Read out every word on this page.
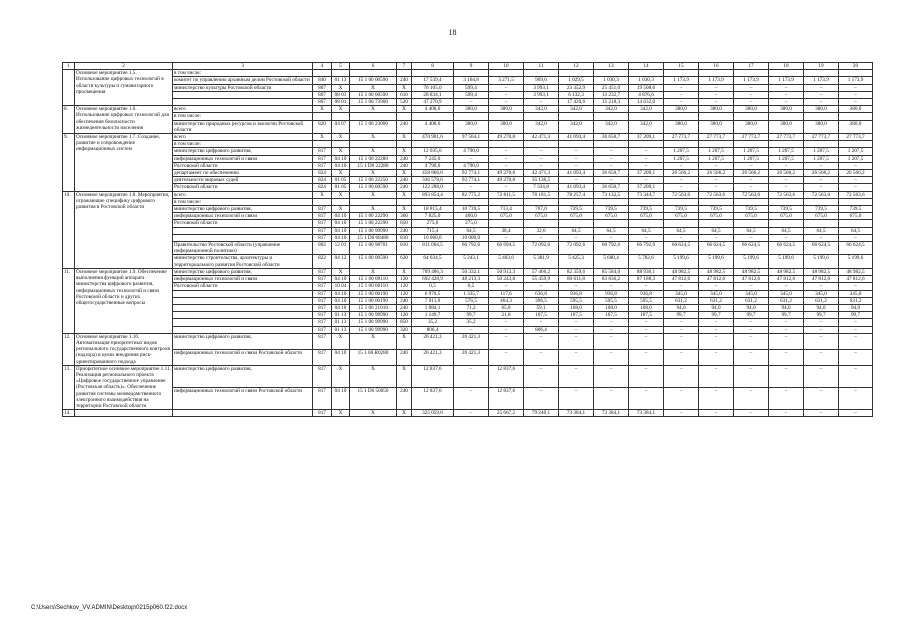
18
1	2	3	4	5	6	7	8	9	10	11	12	13	14	15	16	17	18	19	20
	Основное мероприятие 1.5. Использование цифровых технологий в области культуры и гуманитарного просвещения	в том числе:																	
		комитет по управлению архивным делом Ростовской области	840	01 13	15 1 00 00590	240	17 539,4	3 164,8	3 271,5	969,6	1 029,5	1 030,3	1 030,3	1 173,9	1 173,9	1 173,9	1 173,9	1 173,9	1 173,9
		министерство культуры Ростовской области	807	X	X	X	76 105,0	599,4	–	3 993,1	23 352,9	25 451,0	19 508,6	–	–	–	–	–	–
			807	08 01	15 1 00 00590	610	28 834,1	599,4	–	3 993,1	6 132,3	13 232,7	4 876,6	–	–	–	–	–	–
			807	08 01	15 1 00 73900	520	47 270,9	–	–	–	17 420,6	15 218,3	14 632,0	–	–	–	–	–	–
8.	Основное мероприятие 1.6. Использование цифровых технологий для обеспечения безопасности жизнедеятельности населения	всего	X	X	X	X	4 408,0	380,0	380,0	342,0	342,0	342,0	342,0	380,0	380,0	380,0	380,0	380,0	380,0
		в том числе:																	
		министерство природных ресурсов и экологии Ростовской области	820	04 07	15 1 00 23000	240	4 408,0	380,0	380,0	342,0	342,0	342,0	342,0	380,0	380,0	380,0	380,0	380,0	380,0
9.	Основное мероприятие 1.7. Создание, развитие и сопровождение информационных систем	всего	X	X	X	X	470 901,6	97 564,1	49 270,8	42 471,3	41 093,4	36 650,7	37 209,1	27 773,7	27 773,7	27 773,7	27 773,7	27 773,7	27 773,7
		в том числе:																	
		министерство цифрового развития,	817	X	X	X	12 035,0	4 790,0	–	–	–	–	–	1 207,5	1 207,5	1 207,5	1 207,5	1 207,5	1 207,5
		информационных технологий и связи	817	04 10	15 1 00 22280	240	7 245,0	–	–	–	–	–	–	1 207,5	1 207,5	1 207,5	1 207,5	1 207,5	1 207,5
		Ростовской области	817	04 10	15 1 D6 22280	240	4 790,0	4 790,0	–	–	–	–	–	–	–	–	–	–	–
		департамент по обеспечению	824	X	X	X	458 866,6	92 774,1	49 270,8	42 471,3	41 093,4	36 650,7	37 209,1	26 566,2	26 566,2	26 566,2	26 566,2	26 566,2	26 566,2
		деятельности мировых судей	824	01 05	15 1 00 22250	240	336 578,6	92 774,1	49 270,8	35 136,5	–	–	–	–	–	–	–	–	–
		Ростовской области	824	01 05	15 1 00 00590	240	122 288,0	–	–	7 334,8	41 093,4	36 650,7	37 209,1	–	–	–	–	–	–
10.	Основное мероприятие 1.8. Мероприятия, отражающие специфику цифрового развития в Ростовской области	всего	X	X	X	X	893 854,4	82 775,2	72 811,5	78 181,5	78 257,4	73 132,5	73 344,7	72 563,6	72 563,6	72 563,6	72 563,6	72 563,6	72 563,6
		в том числе:																	
		министерство цифрового развития,	817	X	X	X	18 815,4	10 739,5	713,4	707,0	739,5	739,5	739,5	739,5	739,5	739,5	739,5	739,5	739,5
		информационных технологий и связи	817	04 10	15 1 00 22290	360	7 825,0	400,0	675,0	675,0	675,0	675,0	675,0	675,0	675,0	675,0	675,0	675,0	675,0
		Ростовской области	817	04 10	15 1 00 22290	850	275,0	275,0											
			817	04 10	15 1 00 99990	240	715,4	64,5	38,4	32,0	64,5	64,5	64,5	64,5	64,5	64,5	64,5	64,5	64,5
			817	04 10	15 1 D6 68480	810	10 000,0	10 000,0	–	–	–	–	–	–	–	–	–	–	–
		Правительство Ростовской области (управление информационной политики)	802	12 01	15 1 00 98701	810	811 004,5	66 792,6	66 694,5	72 092,6	72 092,6	66 792,6	66 792,6	66 624,5	66 624,5	66 624,5	66 624,5	66 624,5	66 624,5
		министерство строительства, архитектуры и территориального развития Ростовской области	822	04 12	15 1 00 00590	620	64 034,5	5 243,1	5 403,6	5 381,9	5 425,3	5 600,4	5 782,6	5 199,6	5 199,6	5 199,6	5 199,6	5 199,6	5 199,6
11.	Основное мероприятие 1.9. Обеспечение выполнения функций аппарата министерства цифрового развития, информационных технологий и связи Ростовской области и других общегосударственные вопросы	министерство цифрового развития,	817	X	X	X	709 486,3	50 332,1	50 913,3	57 466,2	82 359,6	85 584,0	88 936,1	48 982,5	48 982,5	48 982,5	48 982,5	48 982,5	48 982,5
		информационных технологий и связи	817	04 10	15 1 00 00110	120	692 428,9	48 213,3	50 243,8	55 459,9	80 611,8	83 836,2	87 188,3	47 812,6	47 812,6	47 812,6	47 812,6	47 812,6	47 812,6
		Ростовской области	817	10 04	15 1 00 00110	120	0,5	0,5	–	–	–	–	–	–	–	–	–	–	–
			817	04 10	15 1 00 00190	120	6 970,5	1 335,7	117,6	636,8	936,8	936,8	936,8	345,0	345,0	345,0	345,0	345,0	345,0
			817	04 10	15 1 00 00190	240	7 011,0	576,5	464,3	396,5	595,5	595,5	595,5	631,2	631,2	631,2	631,2	631,2	631,2
			817	04 10	15 1 00 21010	240	1 084,1	71,2	65,8	59,1	108,0	108,0	108,0	94,0	94,0	94,0	94,0	94,0	94,0
			817	01 13	15 1 00 99990	120	1 149,7	99,7	21,8	107,5	107,5	107,5	107,5	99,7	99,7	99,7	99,7	99,7	99,7
			817	01 13	15 1 00 99990	850	35,2	35,2	–	–	–	–	–	–	–	–	–	–	–
			817	01 13	15 1 00 99990	320	806,4	–	–	806,4	–	–	–	–	–	–	–	–	–
12.	Основное мероприятие 1.10. Автоматизация приоритетных видов регионального государственного контроля (надзора) в целях внедрения риск-ориентированного подхода	министерство цифрового развития,	817	X	X	X	20 421,3	20 421,3	–	–	–	–	–	–	–	–	–	–	–
		информационных технологий и связи Ростовской области	817	04 10	15 1 00 R0280	240	20 421,3	20 421,3	–	–	–	–	–	–	–	–	–	–	–
13.	Приоритетное основное мероприятие 1.11. Реализация регионального проекта «Цифровое государственное управление (Ростовская область)». Обеспечение развития системы межведомственного электронного взаимодействия на территории Ростовской области	министерство цифрового развития,	817	X	X	X	12 837,6	–	12 837,6	–	–	–	–	–	–	–	–	–	–
		информационных технологий и связи Ростовской области	817	04 10	15 1 D6 50050	240	12 837,6	–	12 837,6	–	–	–	–	–	–	–	–	–	–
14.			817	X	X	X	325 059,6	–	25 667,2	79 240,1	73 384,1	73 384,1	73 384,1	–	–	–	–	–	–
C:\Users\Sechkov_VV.ADMIN\Desktop\0215p060.f22.docx
